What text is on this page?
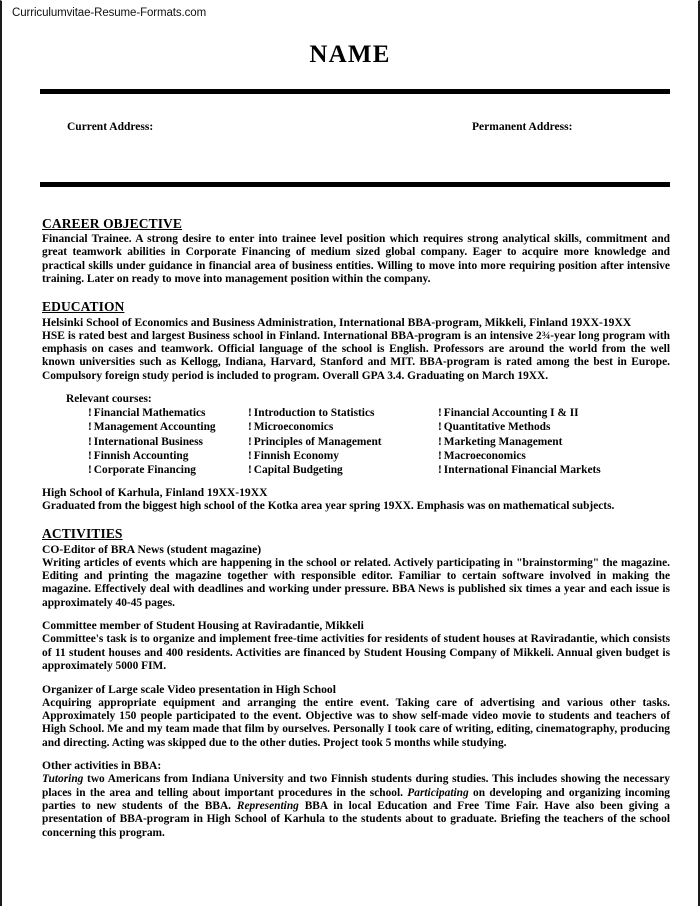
Curriculumvitae-Resume-Formats.com
NAME
Current Address:	Permanent Address:
CAREER OBJECTIVE

Financial Trainee. A strong desire to enter into trainee level position which requires strong analytical skills, commitment and great teamwork abilities in Corporate Financing of medium sized global company. Eager to acquire more knowledge and practical skills under guidance in financial area of business entities. Willing to move into more requiring position after intensive training. Later on ready to move into management position within the company.

EDUCATION

Helsinki School of Economics and Business Administration, International BBA-program, Mikkeli, Finland 19XX-19XX

HSE is rated best and largest Business school in Finland. International BBA-program is an intensive 2¾-year long program with emphasis on cases and teamwork. Official language of the school is English. Professors are around the world from the well known universities such as Kellogg, Indiana, Harvard, Stanford and MIT. BBA-program is rated among the best in Europe. Compulsory foreign study period is included to program. Overall GPA 3.4. Graduating on March 19XX.

Relevant courses:
! Financial Mathematics	! Introduction to Statistics	! Financial Accounting I & II
! Management Accounting	! Microeconomics	! Quantitative Methods
! International Business	! Principles of Management	! Marketing Management
! Finnish Accounting	! Finnish Economy	! Macroeconomics
! Corporate Financing	! Capital Budgeting	! International Financial Markets

High School of Karhula, Finland 19XX-19XX

Graduated from the biggest high school of the Kotka area year spring 19XX. Emphasis was on mathematical subjects.

ACTIVITIES

CO-Editor of BRA News (student magazine)

Writing articles of events which are happening in the school or related. Actively participating in "brainstorming" the magazine. Editing and printing the magazine together with responsible editor. Familiar to certain software involved in making the magazine. Effectively deal with deadlines and working under pressure. BBA News is published six times a year and each issue is approximately 40-45 pages.

Committee member of Student Housing at Raviradantie, Mikkeli

Committee's task is to organize and implement free-time activities for residents of student houses at Raviradantie, which consists of 11 student houses and 400 residents. Activities are financed by Student Housing Company of Mikkeli. Annual given budget is approximately 5000 FIM.

Organizer of Large scale Video presentation in High School

Acquiring appropriate equipment and arranging the entire event. Taking care of advertising and various other tasks. Approximately 150 people participated to the event. Objective was to show self-made video movie to students and teachers of High School. Me and my team made that film by ourselves. Personally I took care of writing, editing, cinematography, producing and directing. Acting was skipped due to the other duties. Project took 5 months while studying.

Other activities in BBA:

Tutoring two Americans from Indiana University and two Finnish students during studies. This includes showing the necessary places in the area and telling about important procedures in the school. Participating on developing and organizing incoming parties to new students of the BBA. Representing BBA in local Education and Free Time Fair. Have also been giving a presentation of BBA-program in High School of Karhula to the students about to graduate. Briefing the teachers of the school concerning this program.
